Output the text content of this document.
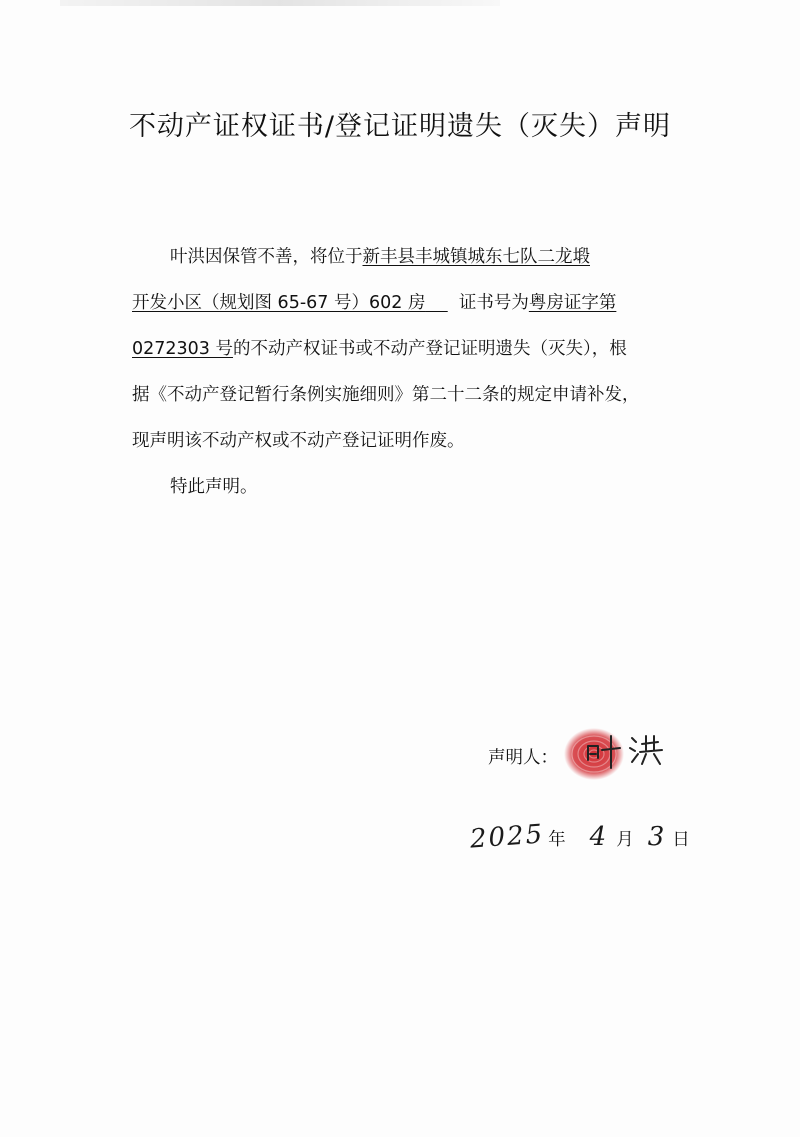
不动产证权证书/登记证明遗失（灭失）声明
叶洪因保管不善，将位于新丰县丰城镇城东七队二龙塅
开发小区（规划图 65-67 号）602 房 证书号为粤房证字第
0272303 号的不动产权证书或不动产登记证明遗失（灭失），根
据《不动产登记暂行条例实施细则》第二十二条的规定申请补发，
现声明该不动产权或不动产登记证明作废。
特此声明。
声明人：
2025 年 4 月 3 日
